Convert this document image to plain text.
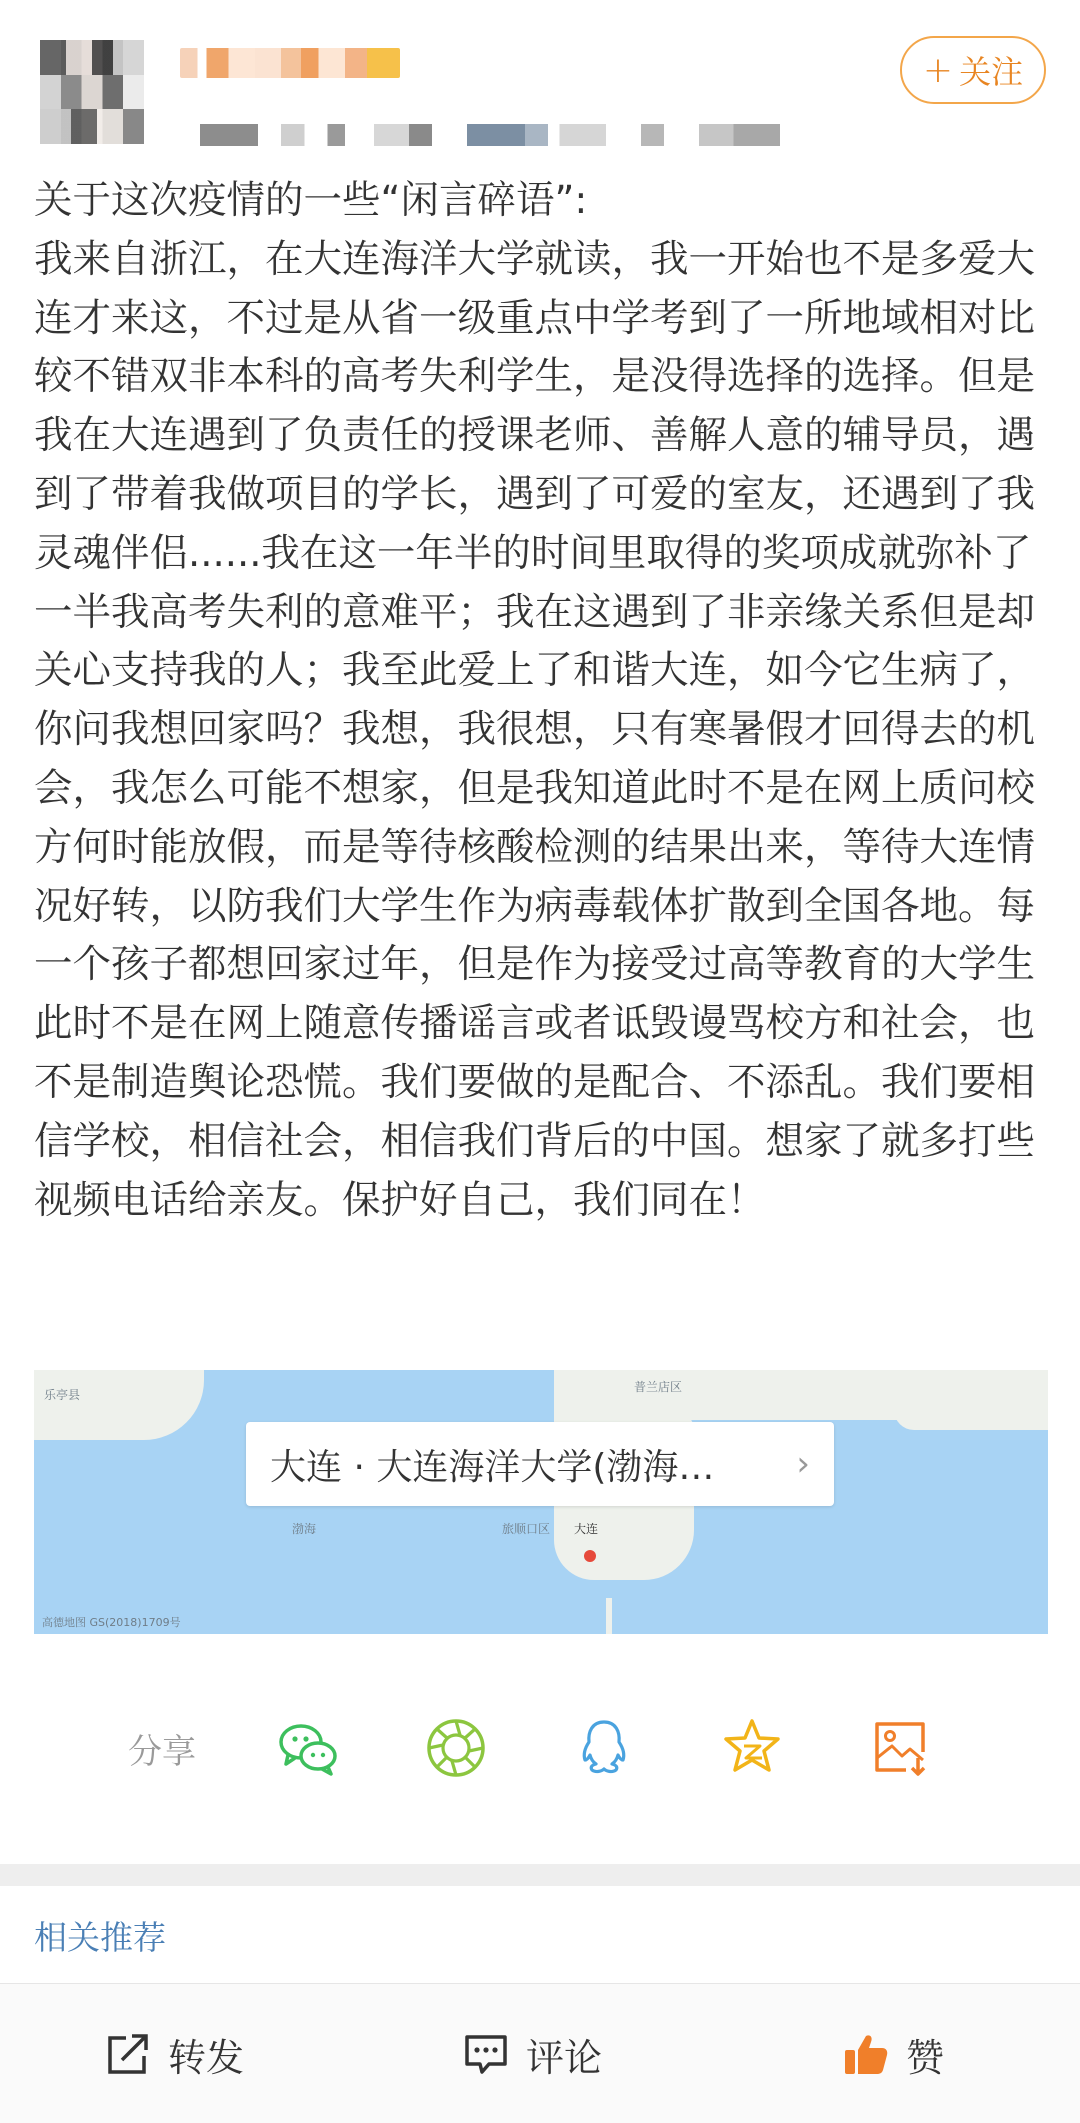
+ 关注
关于这次疫情的一些“闲言碎语”:
我来自浙江，在大连海洋大学就读，我一开始也不是多爱大连才来这，不过是从省一级重点中学考到了一所地域相对比较不错双非本科的高考失利学生，是没得选择的选择。但是我在大连遇到了负责任的授课老师、善解人意的辅导员，遇到了带着我做项目的学长，遇到了可爱的室友，还遇到了我灵魂伴侣......我在这一年半的时间里取得的奖项成就弥补了一半我高考失利的意难平；我在这遇到了非亲缘关系但是却关心支持我的人；我至此爱上了和谐大连，如今它生病了，你问我想回家吗？我想，我很想，只有寒暑假才回得去的机会，我怎么可能不想家，但是我知道此时不是在网上质问校方何时能放假，而是等待核酸检测的结果出来，等待大连情况好转，以防我们大学生作为病毒载体扩散到全国各地。每一个孩子都想回家过年，但是作为接受过高等教育的大学生此时不是在网上随意传播谣言或者诋毁谩骂校方和社会，也不是制造舆论恐慌。我们要做的是配合、不添乱。我们要相信学校，相信社会，相信我们背后的中国。想家了就多打些视频电话给亲友。保护好自己，我们同在！
乐亭县
渤海	旅顺口区 大连
普兰店区
高德地图 GS(2018)1709号
大连 · 大连海洋大学(渤海… ›
分享
相关推荐
转发	评论	赞
